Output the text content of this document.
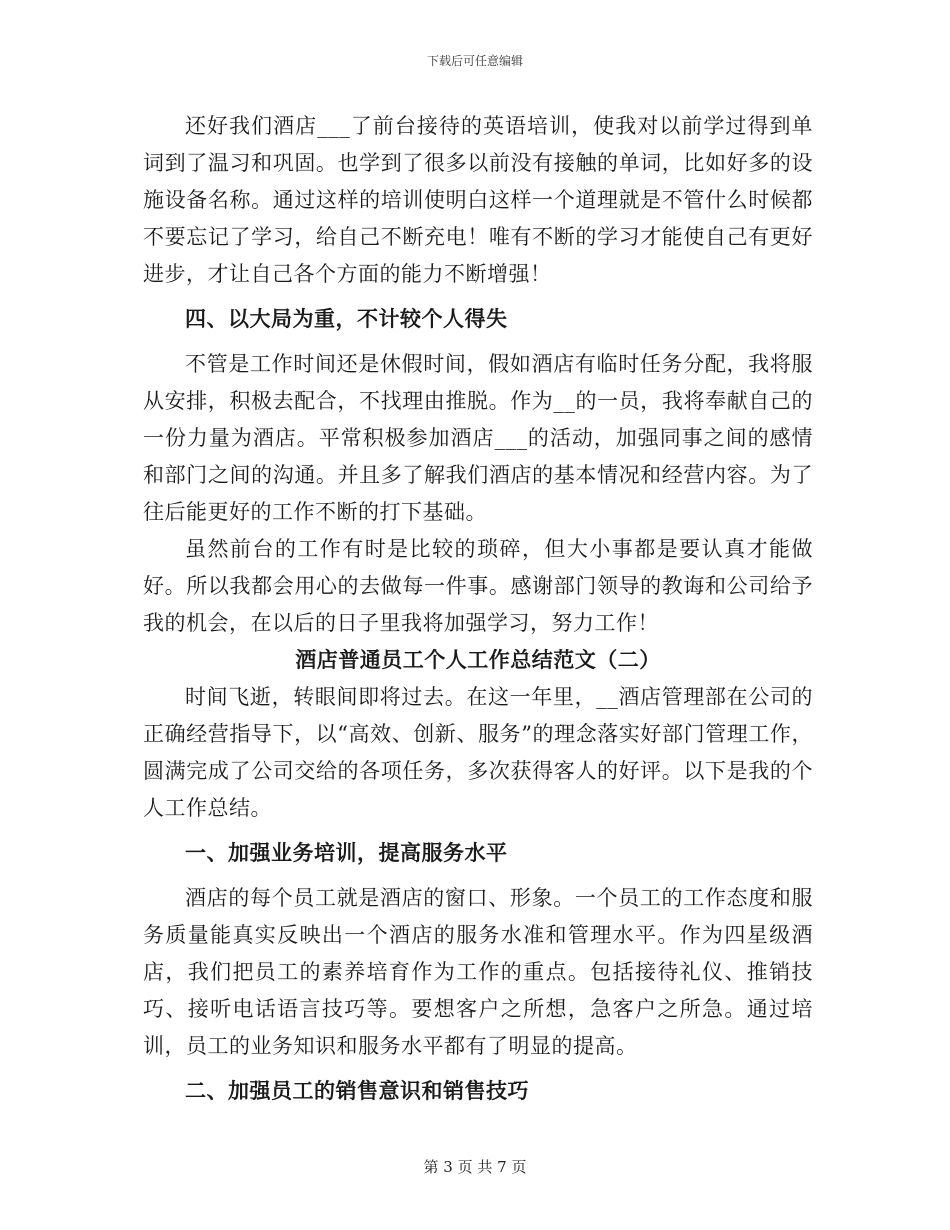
下载后可任意编辑

还好我们酒店___了前台接待的英语培训，使我对以前学过得到单词到了温习和巩固。也学到了很多以前没有接触的单词，比如好多的设施设备名称。通过这样的培训使明白这样一个道理就是不管什么时候都不要忘记了学习，给自己不断充电！唯有不断的学习才能使自己有更好进步，才让自己各个方面的能力不断增强！

四、以大局为重，不计较个人得失

不管是工作时间还是休假时间，假如酒店有临时任务分配，我将服从安排，积极去配合，不找理由推脱。作为__的一员，我将奉献自己的一份力量为酒店。平常积极参加酒店___的活动，加强同事之间的感情和部门之间的沟通。并且多了解我们酒店的基本情况和经营内容。为了往后能更好的工作不断的打下基础。

虽然前台的工作有时是比较的琐碎，但大小事都是要认真才能做好。所以我都会用心的去做每一件事。感谢部门领导的教诲和公司给予我的机会，在以后的日子里我将加强学习，努力工作！

酒店普通员工个人工作总结范文（二）

时间飞逝，转眼间即将过去。在这一年里，__酒店管理部在公司的正确经营指导下，以“高效、创新、服务”的理念落实好部门管理工作，圆满完成了公司交给的各项任务，多次获得客人的好评。以下是我的个人工作总结。

一、加强业务培训，提高服务水平

酒店的每个员工就是酒店的窗口、形象。一个员工的工作态度和服务质量能真实反映出一个酒店的服务水准和管理水平。作为四星级酒店，我们把员工的素养培育作为工作的重点。包括接待礼仪、推销技巧、接听电话语言技巧等。要想客户之所想，急客户之所急。通过培训，员工的业务知识和服务水平都有了明显的提高。

二、加强员工的销售意识和销售技巧

第 3 页 共 7 页
